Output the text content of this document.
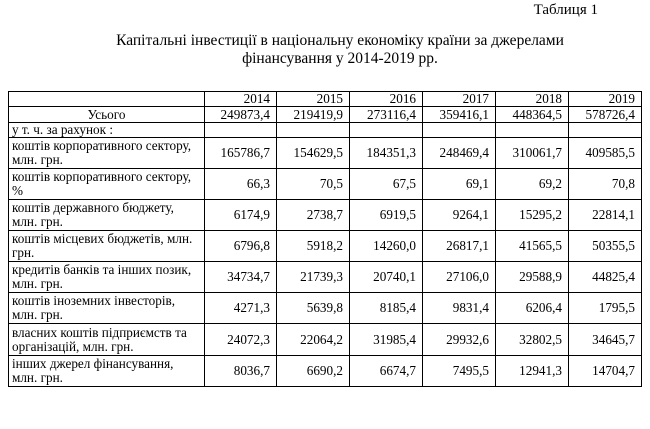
Таблиця 1
Капітальні інвестиції в національну економіку країни за джерелами
фінансування у 2014-2019 рр.
	2014	2015	2016	2017	2018	2019
Усього	249873,4	219419,9	273116,4	359416,1	448364,5	578726,4
у т. ч. за рахунок :						
коштів корпоративного сектору, млн. грн.	165786,7	154629,5	184351,3	248469,4	310061,7	409585,5
коштів корпоративного сектору, %	66,3	70,5	67,5	69,1	69,2	70,8
коштів державного бюджету, млн. грн.	6174,9	2738,7	6919,5	9264,1	15295,2	22814,1
коштів місцевих бюджетів, млн. грн.	6796,8	5918,2	14260,0	26817,1	41565,5	50355,5
кредитів банків та інших позик, млн. грн.	34734,7	21739,3	20740,1	27106,0	29588,9	44825,4
коштів іноземних інвесторів, млн. грн.	4271,3	5639,8	8185,4	9831,4	6206,4	1795,5
власних коштів підприємств та організацій, млн. грн.	24072,3	22064,2	31985,4	29932,6	32802,5	34645,7
інших джерел фінансування, млн. грн.	8036,7	6690,2	6674,7	7495,5	12941,3	14704,7
